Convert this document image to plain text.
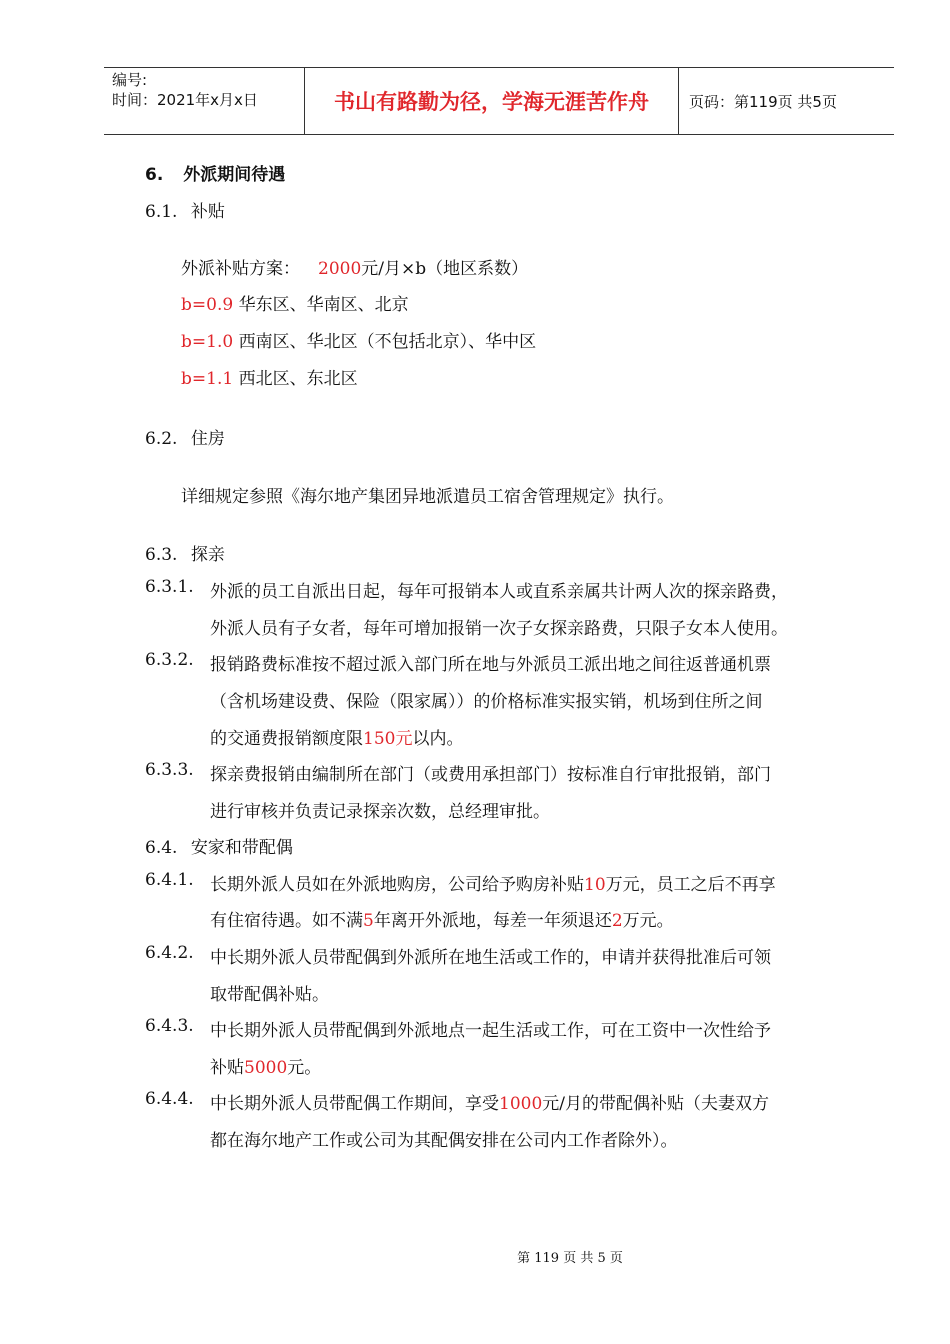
编号:
时间：2021年x月x日	书山有路勤为径，学海无涯苦作舟	页码：第119页 共5页
6. 外派期间待遇
6.1. 补贴
外派补贴方案： 2000元/月×b（地区系数）
b=0.9 华东区、华南区、北京
b=1.0 西南区、华北区（不包括北京）、华中区
b=1.1 西北区、东北区
6.2. 住房
详细规定参照《海尔地产集团异地派遣员工宿舍管理规定》执行。
6.3. 探亲
6.3.1. 外派的员工自派出日起，每年可报销本人或直系亲属共计两人次的探亲路费，
外派人员有子女者，每年可增加报销一次子女探亲路费，只限子女本人使用。
6.3.2. 报销路费标准按不超过派入部门所在地与外派员工派出地之间往返普通机票
（含机场建设费、保险（限家属））的价格标准实报实销，机场到住所之间
的交通费报销额度限150元以内。
6.3.3. 探亲费报销由编制所在部门（或费用承担部门）按标准自行审批报销，部门
进行审核并负责记录探亲次数，总经理审批。
6.4. 安家和带配偶
6.4.1. 长期外派人员如在外派地购房，公司给予购房补贴10万元，员工之后不再享
有住宿待遇。如不满5年离开外派地，每差一年须退还2万元。
6.4.2. 中长期外派人员带配偶到外派所在地生活或工作的，申请并获得批准后可领
取带配偶补贴。
6.4.3. 中长期外派人员带配偶到外派地点一起生活或工作，可在工资中一次性给予
补贴5000元。
6.4.4. 中长期外派人员带配偶工作期间，享受1000元/月的带配偶补贴（夫妻双方
都在海尔地产工作或公司为其配偶安排在公司内工作者除外）。
第 119 页 共 5 页
